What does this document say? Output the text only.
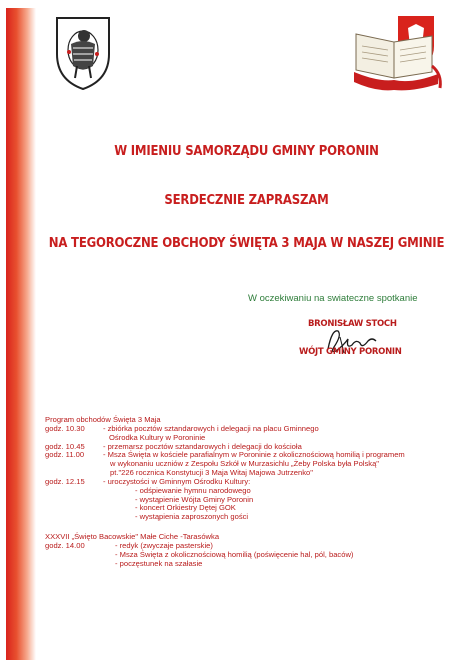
W IMIENIU SAMORZĄDU GMINY PORONIN
SERDECZNIE ZAPRASZAM
NA TEGOROCZNE OBCHODY ŚWIĘTA 3 MAJA W NASZEJ GMINIE
W oczekiwaniu na swiateczne spotkanie
BRONISŁAW STOCH
WÓJT GMINY PORONIN
Program obchodów Święta 3 Maja
godz. 10.30 - zbiórka pocztów sztandarowych i delegacji na placu Gminnego
Ośrodka Kultury w Poroninie
godz. 10.45 - przemarsz pocztów sztandarowych i delegacji do kościoła
godz. 11.00 - Msza Święta w kościele parafialnym w Poroninie z okolicznościową homilią i programem
w wykonaniu uczniów z Zespołu Szkół w Murzasichlu „Żeby Polska była Polską"
pt."226 rocznica Konstytucji 3 Maja Witaj Majowa Jutrzenko"
godz. 12.15 - uroczystości w Gminnym Ośrodku Kultury:
- odśpiewanie hymnu narodowego
- wystąpienie Wójta Gminy Poronin
- koncert Orkiestry Dętej GOK
- wystąpienia zaproszonych gości
XXXVII „Święto Bacowskie" Małe Ciche -Tarasówka
godz. 14.00	- redyk (zwyczaje pasterskie)
- Msza Święta z okolicznościową homilią (poświęcenie hal, pól, baców)
- poczęstunek na szałasie
